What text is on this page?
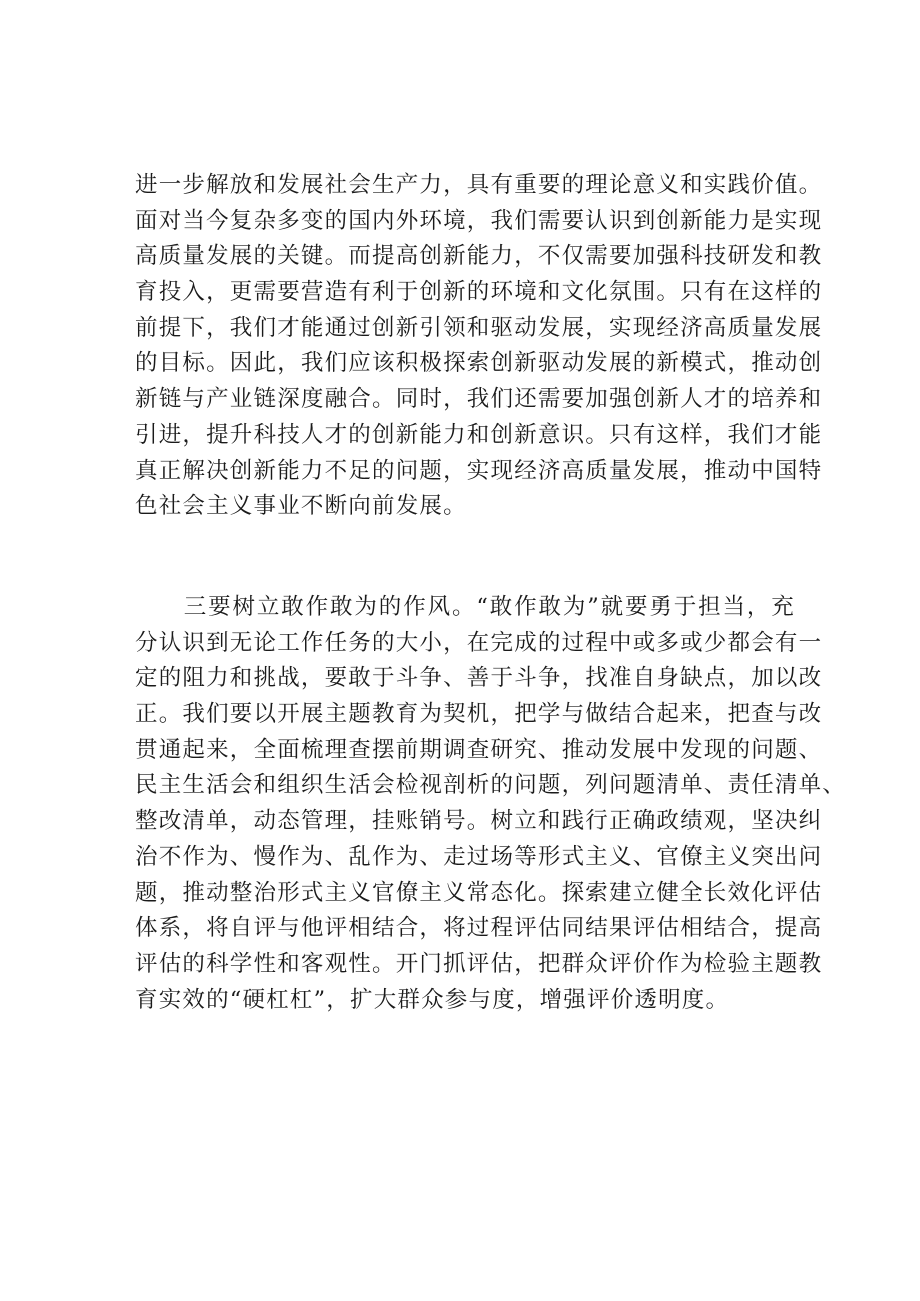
进一步解放和发展社会生产力，具有重要的理论意义和实践价值。
面对当今复杂多变的国内外环境，我们需要认识到创新能力是实现
高质量发展的关键。而提高创新能力，不仅需要加强科技研发和教
育投入，更需要营造有利于创新的环境和文化氛围。只有在这样的
前提下，我们才能通过创新引领和驱动发展，实现经济高质量发展
的目标。因此，我们应该积极探索创新驱动发展的新模式，推动创
新链与产业链深度融合。同时，我们还需要加强创新人才的培养和
引进，提升科技人才的创新能力和创新意识。只有这样，我们才能
真正解决创新能力不足的问题，实现经济高质量发展，推动中国特
色社会主义事业不断向前发展。

　　三要树立敢作敢为的作风。“敢作敢为”就要勇于担当，充
分认识到无论工作任务的大小，在完成的过程中或多或少都会有一
定的阻力和挑战，要敢于斗争、善于斗争，找准自身缺点，加以改
正。我们要以开展主题教育为契机，把学与做结合起来，把查与改
贯通起来，全面梳理查摆前期调查研究、推动发展中发现的问题、
民主生活会和组织生活会检视剖析的问题，列问题清单、责任清单、
整改清单，动态管理，挂账销号。树立和践行正确政绩观，坚决纠
治不作为、慢作为、乱作为、走过场等形式主义、官僚主义突出问
题，推动整治形式主义官僚主义常态化。探索建立健全长效化评估
体系，将自评与他评相结合，将过程评估同结果评估相结合，提高
评估的科学性和客观性。开门抓评估，把群众评价作为检验主题教
育实效的“硬杠杠”，扩大群众参与度，增强评价透明度。
